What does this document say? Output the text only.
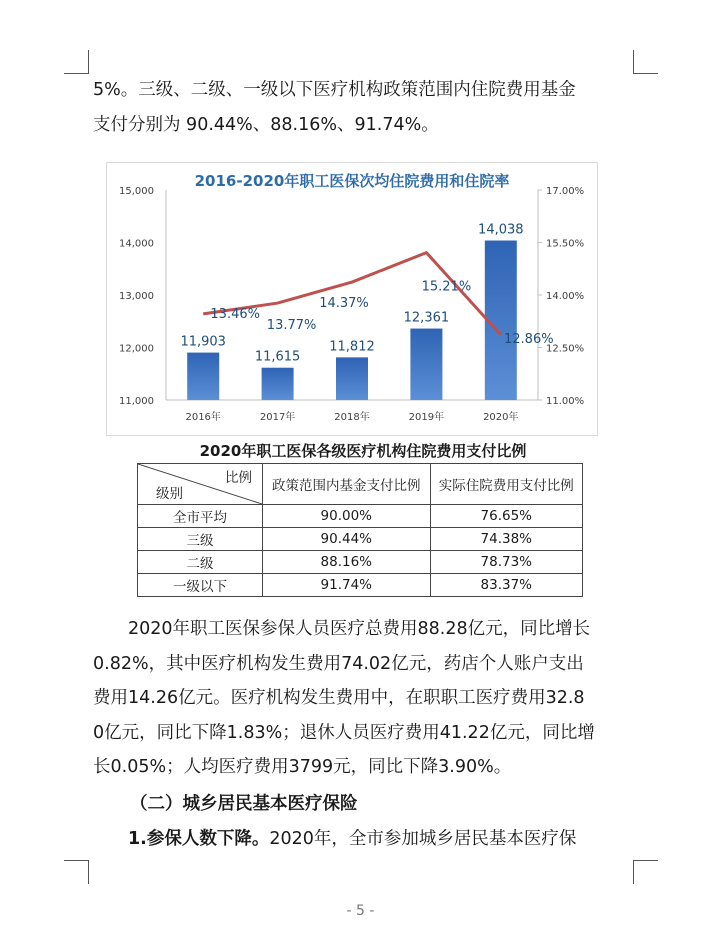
5%。三级、二级、一级以下医疗机构政策范围内住院费用基金
支付分别为 90.44%、88.16%、91.74%。
2016-2020年职工医保次均住院费用和住院率
11,000
12,000
13,000
14,000
15,000
11.00%
12.50%
14.00%
15.50%
17.00%
11,903
11,615
11,812
12,361
14,038
2016年	2017年	2018年	2019年	2020年
13.46%
13.77%
14.37%
15.21%
12.86%
2020年职工医保各级医疗机构住院费用支付比例
比例
级别	政策范围内基金支付比例	实际住院费用支付比例
全市平均	90.00%	76.65%
三级	90.44%	74.38%
二级	88.16%	78.73%
一级以下	91.74%	83.37%
2020年职工医保参保人员医疗总费用88.28亿元，同比增长
0.82%，其中医疗机构发生费用74.02亿元，药店个人账户支出
费用14.26亿元。医疗机构发生费用中，在职职工医疗费用32.8
0亿元，同比下降1.83%；退休人员医疗费用41.22亿元，同比增
长0.05%；人均医疗费用3799元，同比下降3.90%。
（二）城乡居民基本医疗保险
1.参保人数下降。2020年，全市参加城乡居民基本医疗保
- 5 -
